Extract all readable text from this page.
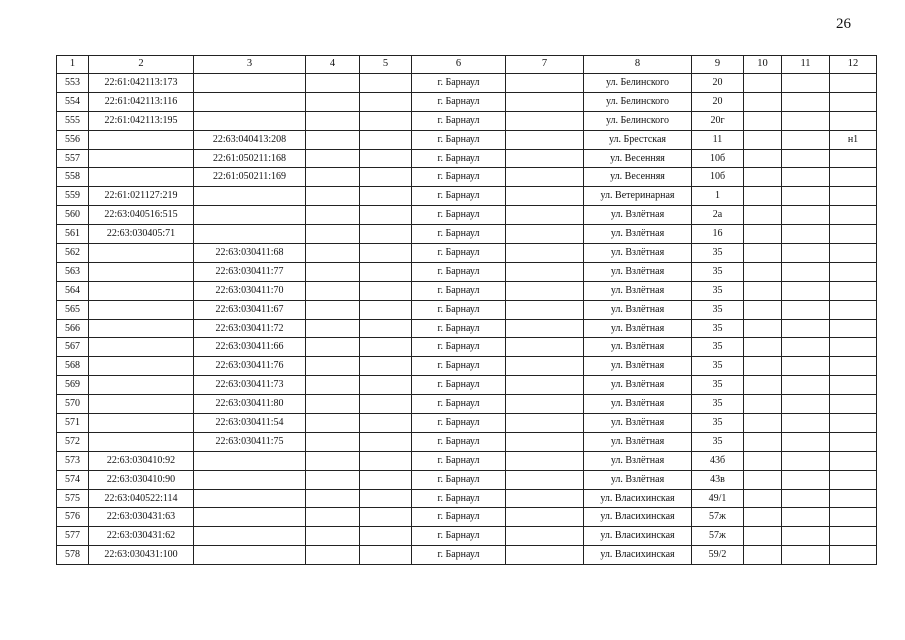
26
1	2	3	4	5	6	7	8	9	10	11	12
553	22:61:042113:173				г. Барнаул		ул. Белинского	20			
554	22:61:042113:116				г. Барнаул		ул. Белинского	20			
555	22:61:042113:195				г. Барнаул		ул. Белинского	20г			
556		22:63:040413:208			г. Барнаул		ул. Брестская	11			н1
557		22:61:050211:168			г. Барнаул		ул. Весенняя	10б			
558		22:61:050211:169			г. Барнаул		ул. Весенняя	10б			
559	22:61:021127:219				г. Барнаул		ул. Ветеринарная	1			
560	22:63:040516:515				г. Барнаул		ул. Взлётная	2а			
561	22:63:030405:71				г. Барнаул		ул. Взлётная	16			
562		22:63:030411:68			г. Барнаул		ул. Взлётная	35			
563		22:63:030411:77			г. Барнаул		ул. Взлётная	35			
564		22:63:030411:70			г. Барнаул		ул. Взлётная	35			
565		22:63:030411:67			г. Барнаул		ул. Взлётная	35			
566		22:63:030411:72			г. Барнаул		ул. Взлётная	35			
567		22:63:030411:66			г. Барнаул		ул. Взлётная	35			
568		22:63:030411:76			г. Барнаул		ул. Взлётная	35			
569		22:63:030411:73			г. Барнаул		ул. Взлётная	35			
570		22:63:030411:80			г. Барнаул		ул. Взлётная	35			
571		22:63:030411:54			г. Барнаул		ул. Взлётная	35			
572		22:63:030411:75			г. Барнаул		ул. Взлётная	35			
573	22:63:030410:92				г. Барнаул		ул. Взлётная	43б			
574	22:63:030410:90				г. Барнаул		ул. Взлётная	43в			
575	22:63:040522:114				г. Барнаул		ул. Власихинская	49/1			
576	22:63:030431:63				г. Барнаул		ул. Власихинская	57ж			
577	22:63:030431:62				г. Барнаул		ул. Власихинская	57ж			
578	22:63:030431:100				г. Барнаул		ул. Власихинская	59/2			
